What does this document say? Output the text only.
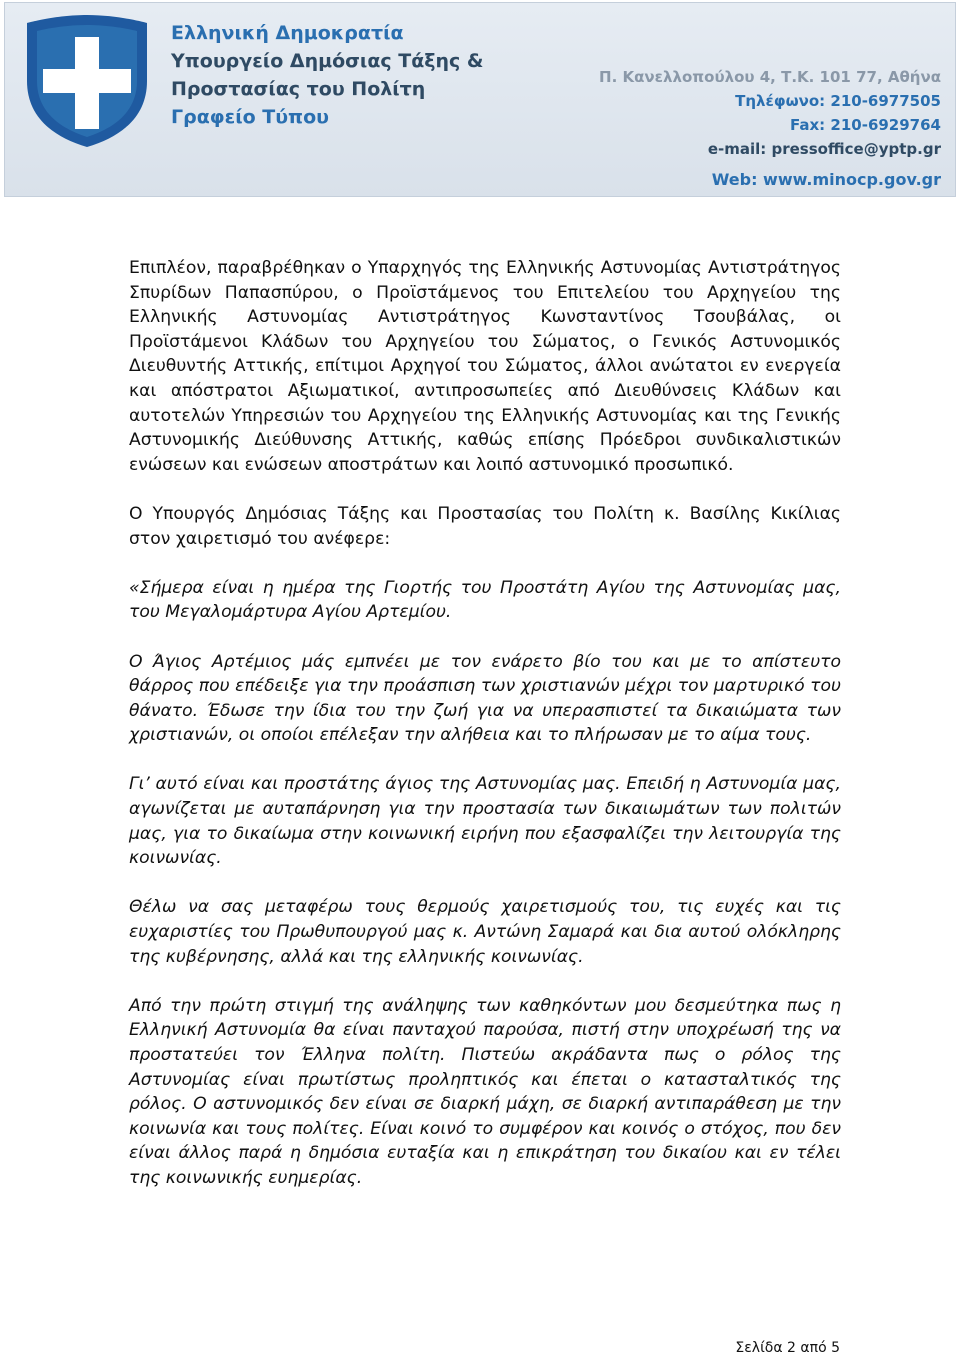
Ελληνική Δημοκρατία
Υπουργείο Δημόσιας Τάξης &
Προστασίας του Πολίτη
Γραφείο Τύπου
Π. Κανελλοπούλου 4, Τ.Κ. 101 77, Αθήνα
Τηλέφωνο: 210-6977505
Fax: 210-6929764
e-mail: pressoffice@yptp.gr
Web: www.minocp.gov.gr

Επιπλέον, παραβρέθηκαν ο Υπαρχηγός της Ελληνικής Αστυνομίας Αντιστράτηγος Σπυρίδων Παπασπύρου, ο Προϊστάμενος του Επιτελείου του Αρχηγείου της Ελληνικής Αστυνομίας Αντιστράτηγος Κωνσταντίνος Τσουβάλας, οι Προϊστάμενοι Κλάδων του Αρχηγείου του Σώματος, ο Γενικός Αστυνομικός Διευθυντής Αττικής, επίτιμοι Αρχηγοί του Σώματος, άλλοι ανώτατοι εν ενεργεία και απόστρατοι Αξιωματικοί, αντιπροσωπείες από Διευθύνσεις Κλάδων και αυτοτελών Υπηρεσιών του Αρχηγείου της Ελληνικής Αστυνομίας και της Γενικής Αστυνομικής Διεύθυνσης Αττικής, καθώς επίσης Πρόεδροι συνδικαλιστικών ενώσεων και ενώσεων αποστράτων και λοιπό αστυνομικό προσωπικό.

Ο Υπουργός Δημόσιας Τάξης και Προστασίας του Πολίτη κ. Βασίλης Κικίλιας στον χαιρετισμό του ανέφερε:

«Σήμερα είναι η ημέρα της Γιορτής του Προστάτη Αγίου της Αστυνομίας μας, του Μεγαλομάρτυρα Αγίου Αρτεμίου.

Ο Άγιος Αρτέμιος μάς εμπνέει με τον ενάρετο βίο του και με το απίστευτο θάρρος που επέδειξε για την προάσπιση των χριστιανών μέχρι τον μαρτυρικό του θάνατο. Έδωσε την ίδια του την ζωή για να υπερασπιστεί τα δικαιώματα των χριστιανών, οι οποίοι επέλεξαν την αλήθεια και το πλήρωσαν με το αίμα τους.

Γι’ αυτό είναι και προστάτης άγιος της Αστυνομίας μας. Επειδή η Αστυνομία μας, αγωνίζεται με αυταπάρνηση για την προστασία των δικαιωμάτων των πολιτών μας, για το δικαίωμα στην κοινωνική ειρήνη που εξασφαλίζει την λειτουργία της κοινωνίας.

Θέλω να σας μεταφέρω τους θερμούς χαιρετισμούς του, τις ευχές και τις ευχαριστίες του Πρωθυπουργού μας κ. Αντώνη Σαμαρά και δια αυτού ολόκληρης της κυβέρνησης, αλλά και της ελληνικής κοινωνίας.

Από την πρώτη στιγμή της ανάληψης των καθηκόντων μου δεσμεύτηκα πως η Ελληνική Αστυνομία θα είναι πανταχού παρούσα, πιστή στην υποχρέωσή της να προστατεύει τον Έλληνα πολίτη. Πιστεύω ακράδαντα πως ο ρόλος της Αστυνομίας είναι πρωτίστως προληπτικός και έπεται ο κατασταλτικός της ρόλος. Ο αστυνομικός δεν είναι σε διαρκή μάχη, σε διαρκή αντιπαράθεση με την κοινωνία και τους πολίτες. Είναι κοινό το συμφέρον και κοινός ο στόχος, που δεν είναι άλλος παρά η δημόσια ευταξία και η επικράτηση του δικαίου και εν τέλει της κοινωνικής ευημερίας.

Σελίδα 2 από 5
